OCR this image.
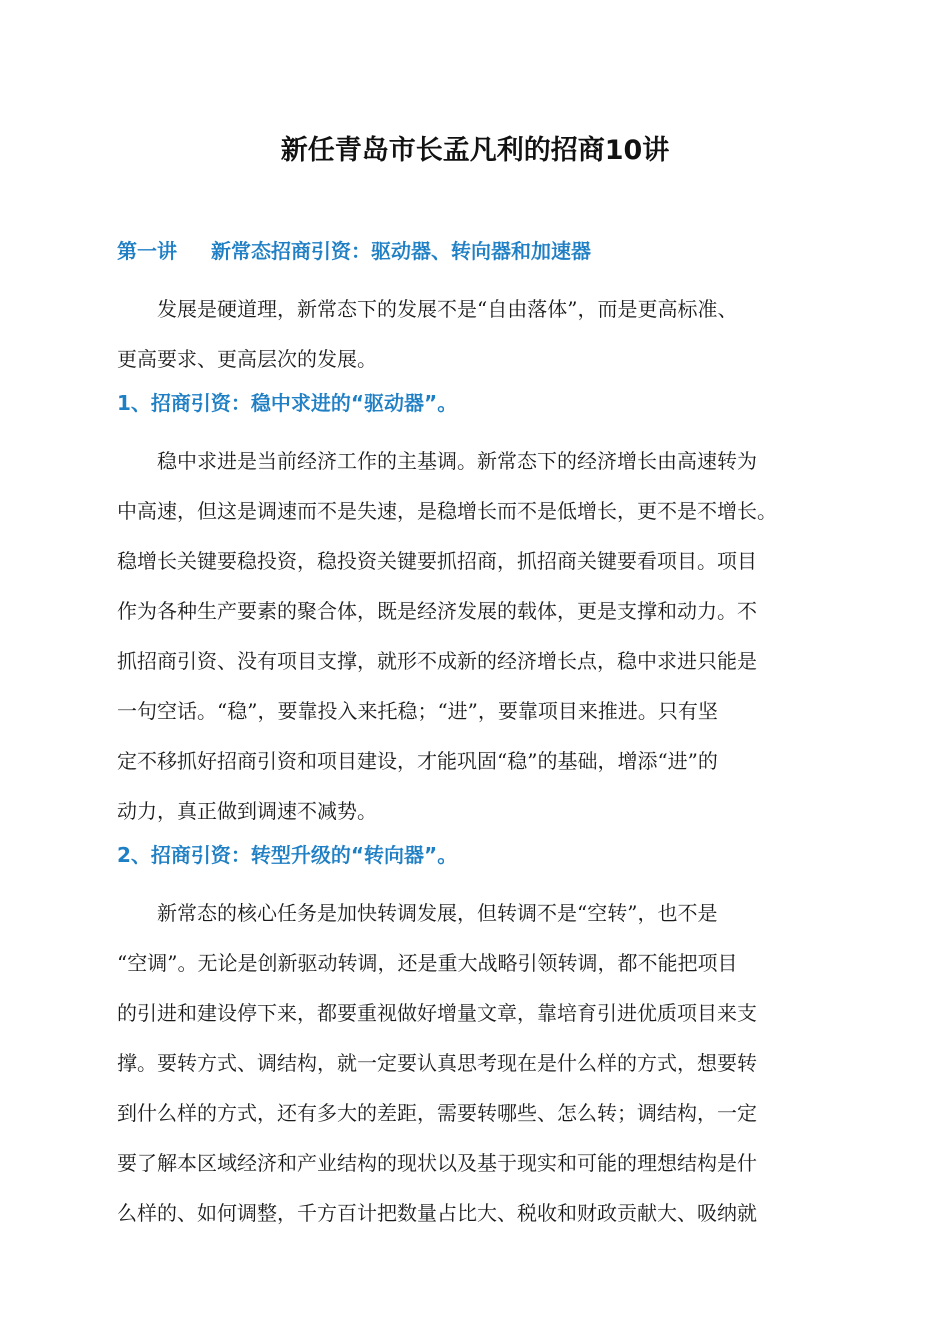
新任青岛市长孟凡利的招商10讲
第一讲 新常态招商引资：驱动器、转向器和加速器
发展是硬道理，新常态下的发展不是“自由落体”，而是更高标准、
更高要求、更高层次的发展。
1、招商引资：稳中求进的“驱动器”。
稳中求进是当前经济工作的主基调。新常态下的经济增长由高速转为
中高速，但这是调速而不是失速，是稳增长而不是低增长，更不是不增长。
稳增长关键要稳投资，稳投资关键要抓招商，抓招商关键要看项目。项目
作为各种生产要素的聚合体，既是经济发展的载体，更是支撑和动力。不
抓招商引资、没有项目支撑，就形不成新的经济增长点，稳中求进只能是
一句空话。“稳”，要靠投入来托稳；“进”，要靠项目来推进。只有坚
定不移抓好招商引资和项目建设，才能巩固“稳”的基础，增添“进”的
动力，真正做到调速不减势。
2、招商引资：转型升级的“转向器”。
新常态的核心任务是加快转调发展，但转调不是“空转”，也不是
“空调”。无论是创新驱动转调，还是重大战略引领转调，都不能把项目
的引进和建设停下来，都要重视做好增量文章，靠培育引进优质项目来支
撑。要转方式、调结构，就一定要认真思考现在是什么样的方式，想要转
到什么样的方式，还有多大的差距，需要转哪些、怎么转；调结构，一定
要了解本区域经济和产业结构的现状以及基于现实和可能的理想结构是什
么样的、如何调整，千方百计把数量占比大、税收和财政贡献大、吸纳就
